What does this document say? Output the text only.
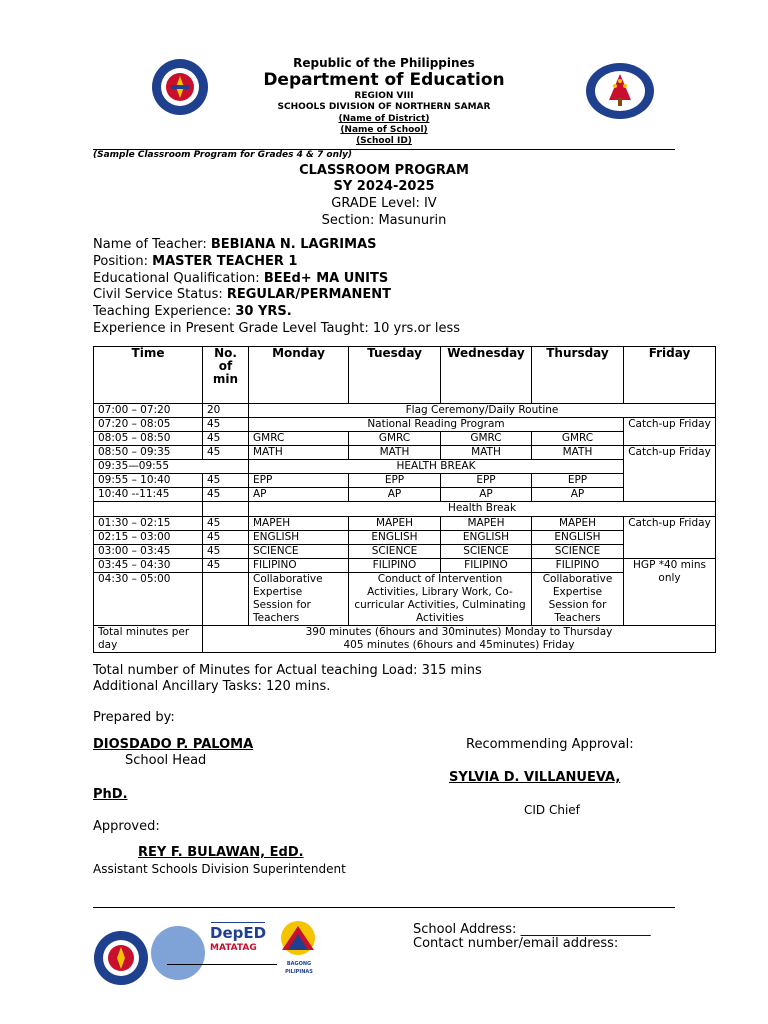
Republic of the Philippines
Department of Education
REGION VIII
SCHOOLS DIVISION OF NORTHERN SAMAR
(Name of District)
(Name of School)
(School ID)
(Sample Classroom Program for Grades 4 & 7 only)
CLASSROOM PROGRAM
SY 2024-2025
GRADE Level: IV
Section: Masunurin
Name of Teacher: BEBIANA N. LAGRIMAS
Position: MASTER TEACHER 1
Educational Qualification: BEEd+ MA UNITS
Civil Service Status: REGULAR/PERMANENT
Teaching Experience: 30 YRS.
Experience in Present Grade Level Taught: 10 yrs.or less
Time	No. of min	Monday	Tuesday	Wednesday	Thursday	Friday
07:00 – 07:20	20	Flag Ceremony/Daily Routine				
07:20 – 08:05	45	National Reading Program				Catch-up Friday
08:05 – 08:50	45	GMRC	GMRC	GMRC	GMRC	
08:50 – 09:35	45	MATH	MATH	MATH	MATH	Catch-up Friday
09:35—09:55		HEALTH BREAK				
09:55 – 10:40	45	EPP	EPP	EPP	EPP	
10:40 --11:45	45	AP	AP	AP	AP	
		Health Break				
01:30 – 02:15	45	MAPEH	MAPEH	MAPEH	MAPEH	Catch-up Friday
02:15 – 03:00	45	ENGLISH	ENGLISH	ENGLISH	ENGLISH	
03:00 – 03:45	45	SCIENCE	SCIENCE	SCIENCE	SCIENCE	
03:45 – 04:30	45	FILIPINO	FILIPINO	FILIPINO	FILIPINO	HGP *40 mins only
04:30 – 05:00		Collaborative Expertise Session for Teachers	Conduct of Intervention Activities, Library Work, Co-curricular Activities, Culminating Activities		Collaborative Expertise Session for Teachers	
Total minutes per day	390 minutes (6hours and 30minutes) Monday to Thursday
405 minutes (6hours and 45minutes) Friday					
Total number of Minutes for Actual teaching Load: 315 mins
Additional Ancillary Tasks: 120 mins.
Prepared by:
DIOSDADO P. PALOMA
School Head
Recommending Approval:
SYLVIA D. VILLANUEVA,
PhD.
CID Chief
Approved:
REY F. BULAWAN, EdD.
Assistant Schools Division Superintendent
DepED
MATATAG
BAGONG PILIPINAS
School Address: ____________________
Contact number/email address:
